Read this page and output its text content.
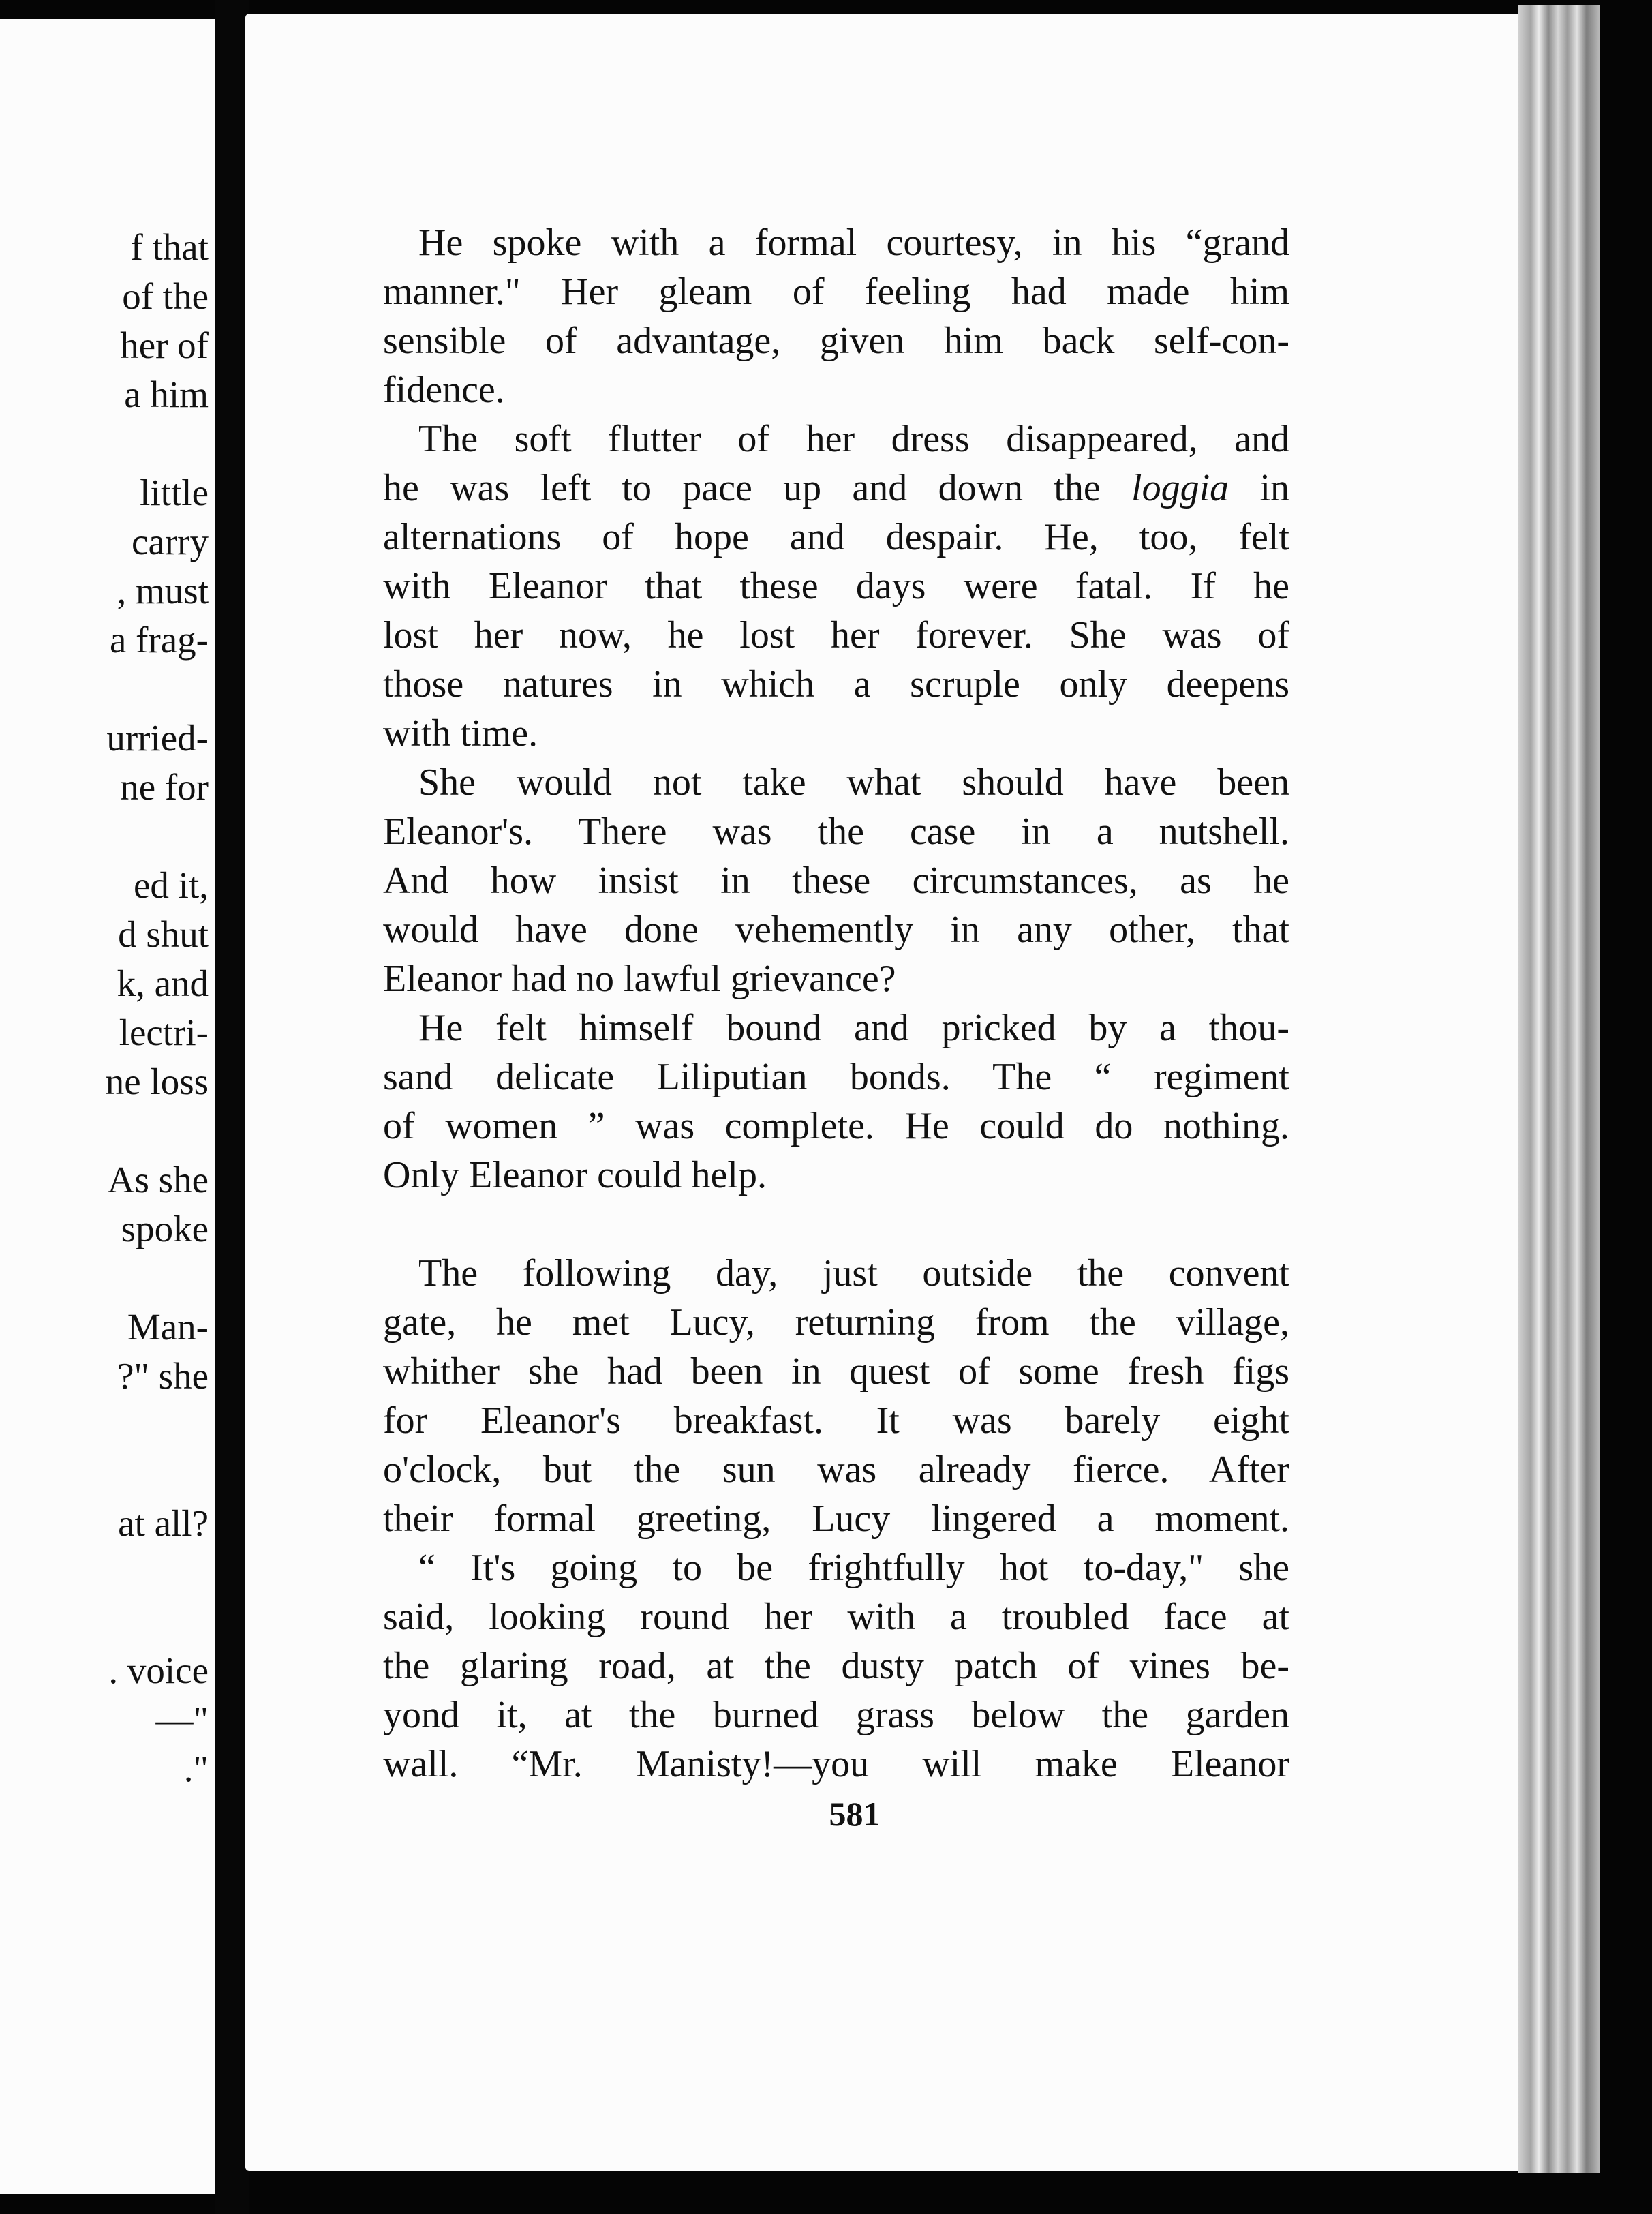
f that
of the
her of
a him
little
carry
, must
a frag-
urried-
ne for
ed it,
d shut
k, and
lectri-
ne loss
As she
spoke
Man-
?" she
at all?
. voice
—"
."
He spoke with a formal courtesy, in his “grand
manner." Her gleam of feeling had made him
sensible of advantage, given him back self-con-
fidence.
The soft flutter of her dress disappeared, and
he was left to pace up and down the loggia in
alternations of hope and despair. He, too, felt
with Eleanor that these days were fatal. If he
lost her now, he lost her forever. She was of
those natures in which a scruple only deepens
with time.
She would not take what should have been
Eleanor's. There was the case in a nutshell.
And how insist in these circumstances, as he
would have done vehemently in any other, that
Eleanor had no lawful grievance?
He felt himself bound and pricked by a thou-
sand delicate Liliputian bonds. The “ regiment
of women ” was complete. He could do nothing.
Only Eleanor could help.
The following day, just outside the convent
gate, he met Lucy, returning from the village,
whither she had been in quest of some fresh figs
for Eleanor's breakfast. It was barely eight
o'clock, but the sun was already fierce. After
their formal greeting, Lucy lingered a moment.
“ It's going to be frightfully hot to-day," she
said, looking round her with a troubled face at
the glaring road, at the dusty patch of vines be-
yond it, at the burned grass below the garden
wall. “Mr. Manisty!—you will make Eleanor
581
